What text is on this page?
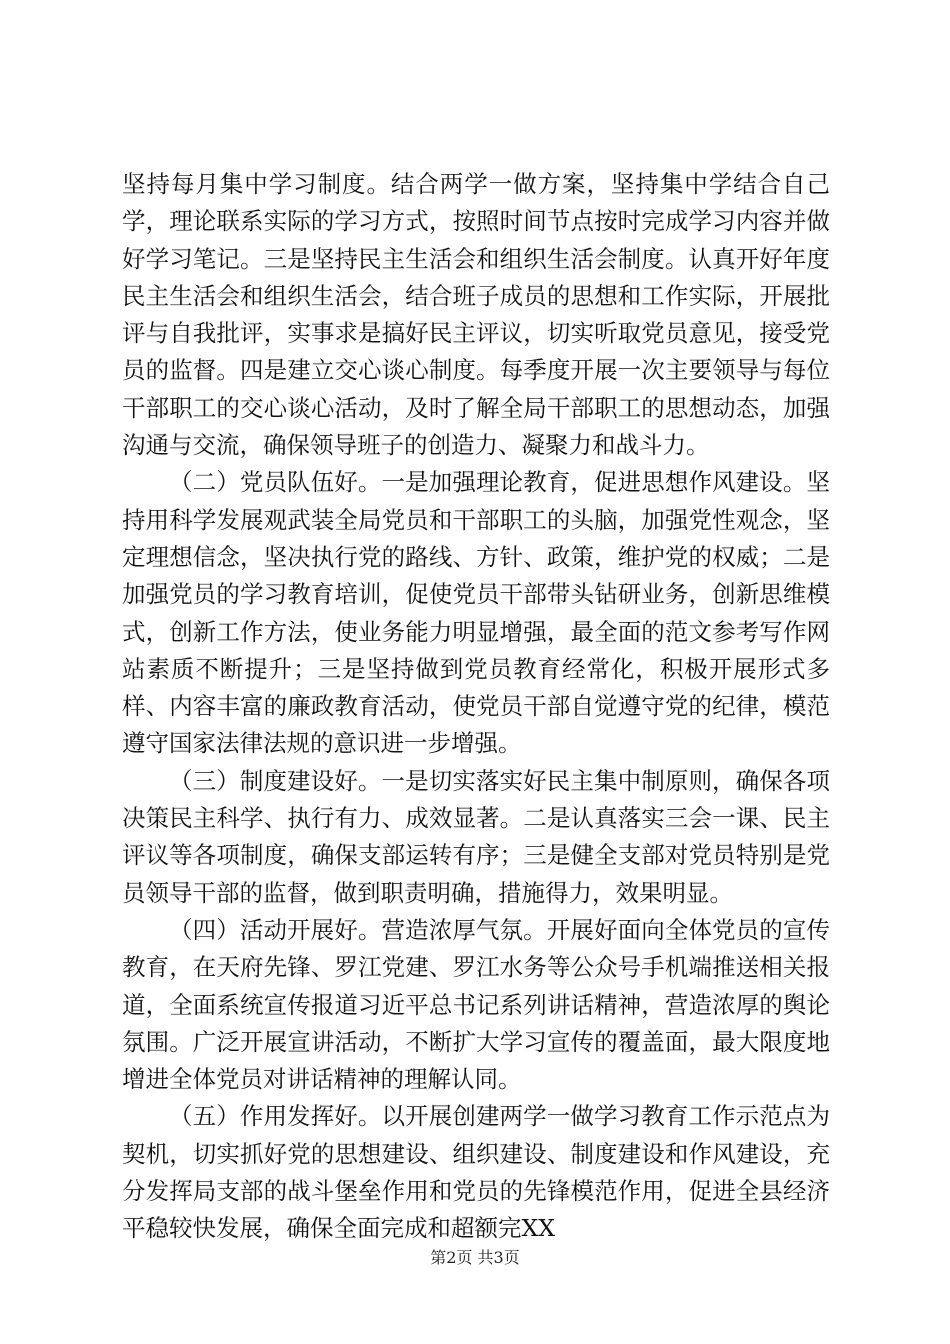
坚持每月集中学习制度。结合两学一做方案，坚持集中学结合自己学，理论联系实际的学习方式，按照时间节点按时完成学习内容并做好学习笔记。三是坚持民主生活会和组织生活会制度。认真开好年度民主生活会和组织生活会，结合班子成员的思想和工作实际，开展批评与自我批评，实事求是搞好民主评议，切实听取党员意见，接受党员的监督。四是建立交心谈心制度。每季度开展一次主要领导与每位干部职工的交心谈心活动，及时了解全局干部职工的思想动态，加强沟通与交流，确保领导班子的创造力、凝聚力和战斗力。

（二）党员队伍好。一是加强理论教育，促进思想作风建设。坚持用科学发展观武装全局党员和干部职工的头脑，加强党性观念，坚定理想信念，坚决执行党的路线、方针、政策，维护党的权威；二是加强党员的学习教育培训，促使党员干部带头钻研业务，创新思维模式，创新工作方法，使业务能力明显增强，最全面的范文参考写作网站素质不断提升；三是坚持做到党员教育经常化，积极开展形式多样、内容丰富的廉政教育活动，使党员干部自觉遵守党的纪律，模范遵守国家法律法规的意识进一步增强。

（三）制度建设好。一是切实落实好民主集中制原则，确保各项决策民主科学、执行有力、成效显著。二是认真落实三会一课、民主评议等各项制度，确保支部运转有序；三是健全支部对党员特别是党员领导干部的监督，做到职责明确，措施得力，效果明显。

（四）活动开展好。营造浓厚气氛。开展好面向全体党员的宣传教育，在天府先锋、罗江党建、罗江水务等公众号手机端推送相关报道，全面系统宣传报道习近平总书记系列讲话精神，营造浓厚的舆论氛围。广泛开展宣讲活动，不断扩大学习宣传的覆盖面，最大限度地增进全体党员对讲话精神的理解认同。

（五）作用发挥好。以开展创建两学一做学习教育工作示范点为契机，切实抓好党的思想建设、组织建设、制度建设和作风建设，充分发挥局支部的战斗堡垒作用和党员的先锋模范作用，促进全县经济平稳较快发展，确保全面完成和超额完XX

第2页 共3页
